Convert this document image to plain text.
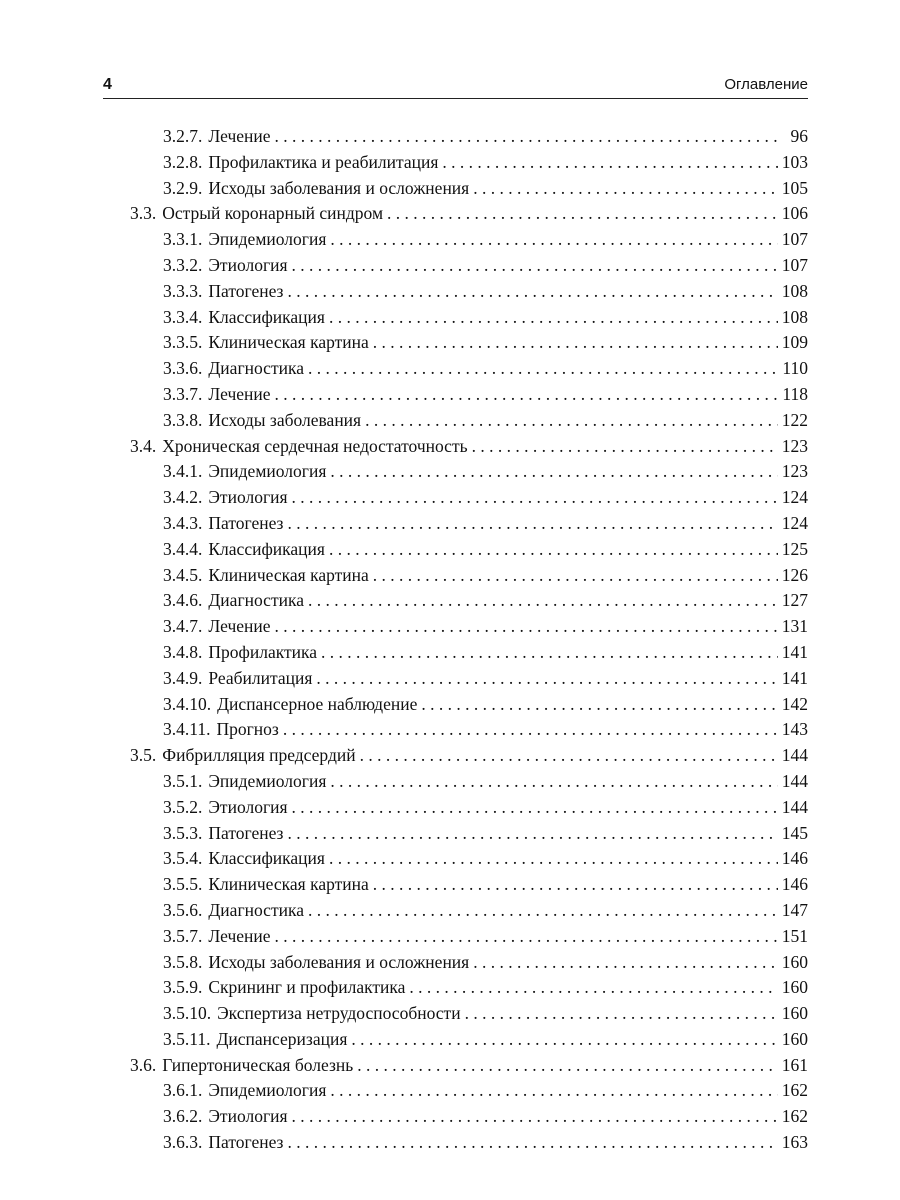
4	Оглавление
3.2.7. Лечение . . .	96
3.2.8. Профилактика и реабилитация . . .	103
3.2.9. Исходы заболевания и осложнения . . .	105
3.3. Острый коронарный синдром . . .	106
3.3.1. Эпидемиология . . .	107
3.3.2. Этиология . . .	107
3.3.3. Патогенез . . .	108
3.3.4. Классификация . . .	108
3.3.5. Клиническая картина . . .	109
3.3.6. Диагностика . . .	110
3.3.7. Лечение . . .	118
3.3.8. Исходы заболевания . . .	122
3.4. Хроническая сердечная недостаточность . . .	123
3.4.1. Эпидемиология . . .	123
3.4.2. Этиология . . .	124
3.4.3. Патогенез . . .	124
3.4.4. Классификация . . .	125
3.4.5. Клиническая картина . . .	126
3.4.6. Диагностика . . .	127
3.4.7. Лечение . . .	131
3.4.8. Профилактика . . .	141
3.4.9. Реабилитация . . .	141
3.4.10. Диспансерное наблюдение . . .	142
3.4.11. Прогноз . . .	143
3.5. Фибрилляция предсердий . . .	144
3.5.1. Эпидемиология . . .	144
3.5.2. Этиология . . .	144
3.5.3. Патогенез . . .	145
3.5.4. Классификация . . .	146
3.5.5. Клиническая картина . . .	146
3.5.6. Диагностика . . .	147
3.5.7. Лечение . . .	151
3.5.8. Исходы заболевания и осложнения . . .	160
3.5.9. Скрининг и профилактика . . .	160
3.5.10. Экспертиза нетрудоспособности . . .	160
3.5.11. Диспансеризация . . .	160
3.6. Гипертоническая болезнь . . .	161
3.6.1. Эпидемиология . . .	162
3.6.2. Этиология . . .	162
3.6.3. Патогенез . . .	163
